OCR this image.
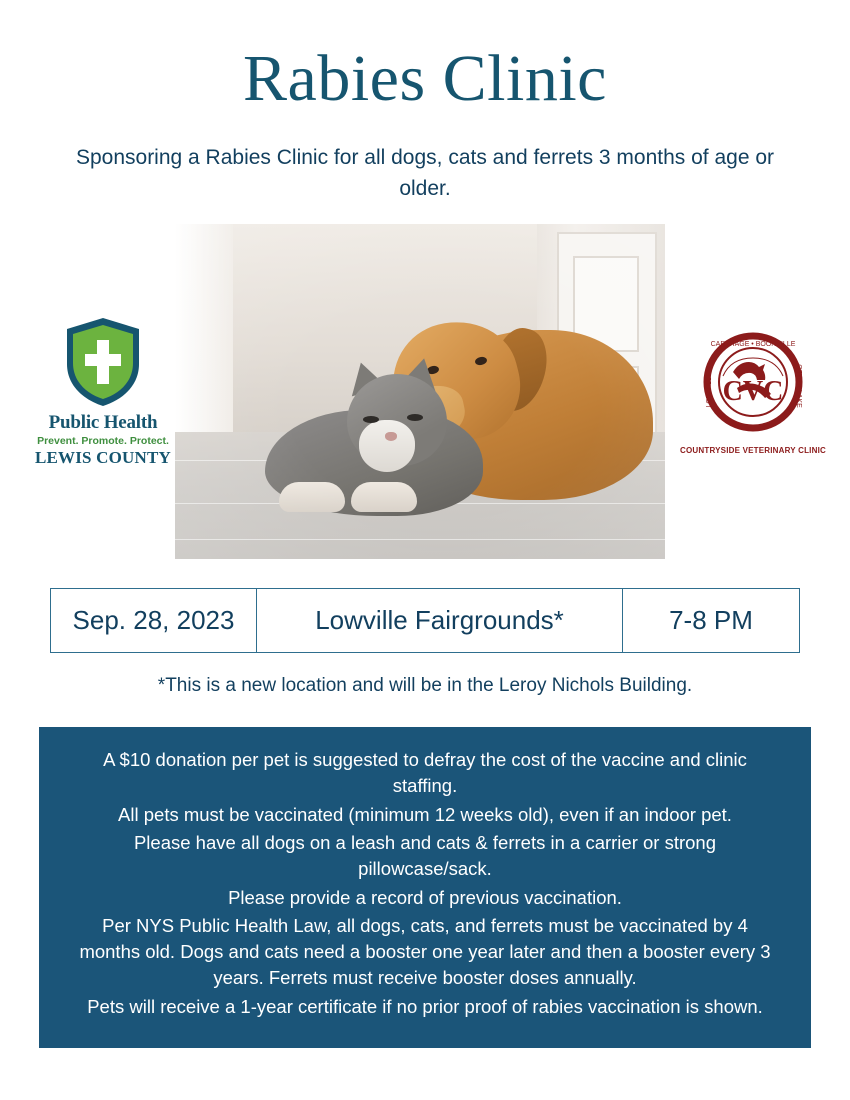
Rabies Clinic
Sponsoring a Rabies Clinic for all dogs, cats and ferrets 3 months of age or older.
Public Health
Prevent. Promote. Protect.
LEWIS COUNTY
CVC
CARTHAGE • BOONVILLE
LOWVILLE	OTTER LAKE
COUNTRYSIDE VETERINARY CLINIC
Sep. 28, 2023	Lowville Fairgrounds*	7-8 PM
*This is a new location and will be in the Leroy Nichols Building.

A $10 donation per pet is suggested to defray the cost of the vaccine and clinic staffing.

All pets must be vaccinated (minimum 12 weeks old), even if an indoor pet.

Please have all dogs on a leash and cats & ferrets in a carrier or strong pillowcase/sack.

Please provide a record of previous vaccination.

Per NYS Public Health Law, all dogs, cats, and ferrets must be vaccinated by 4 months old. Dogs and cats need a booster one year later and then a booster every 3 years. Ferrets must receive booster doses annually.

Pets will receive a 1-year certificate if no prior proof of rabies vaccination is shown.
